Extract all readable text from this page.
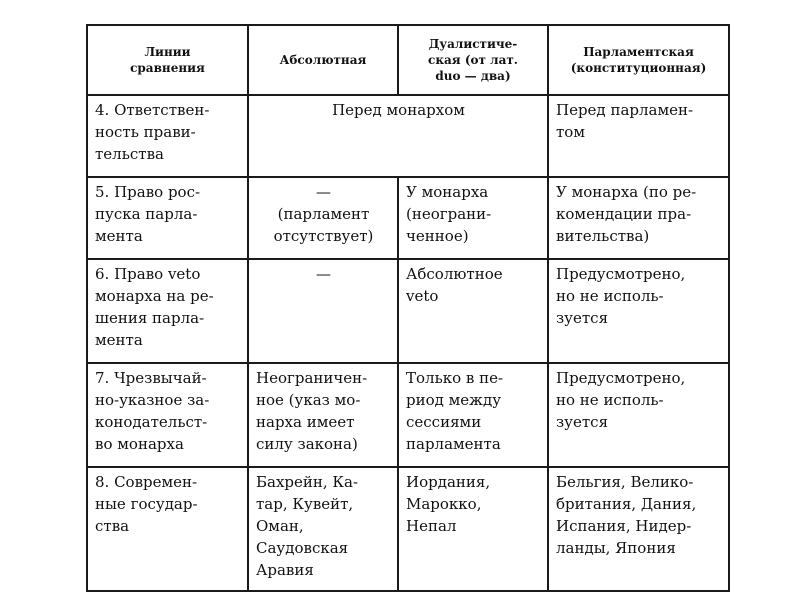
Линии
сравнения	Абсолютная	Дуалистиче-
ская (от лат.
duo — два)	Парламентская
(конституционная)
4. Ответствен-
ность прави-
тельства	Перед монархом		Перед парламен-
том
5. Право рос-
пуска парла-
мента	—
(парламент
отсутствует)	У монарха
(неограни-
ченное)	У монарха (по ре-
комендации пра-
вительства)
6. Право veto
монарха на ре-
шения парла-
мента	—	Абсолютное
veto	Предусмотрено,
но не исполь-
зуется
7. Чрезвычай-
но-указное за-
конодательст-
во монарха	Неограничен-
ное (указ мо-
нарха имеет
силу закона)	Только в пе-
риод между
сессиями
парламента	Предусмотрено,
но не исполь-
зуется
8. Современ-
ные государ-
ства	Бахрейн, Ка-
тар, Кувейт,
Оман,
Саудовская
Аравия	Иордания,
Марокко,
Непал	Бельгия, Велико-
британия, Дания,
Испания, Нидер-
ланды, Япония
